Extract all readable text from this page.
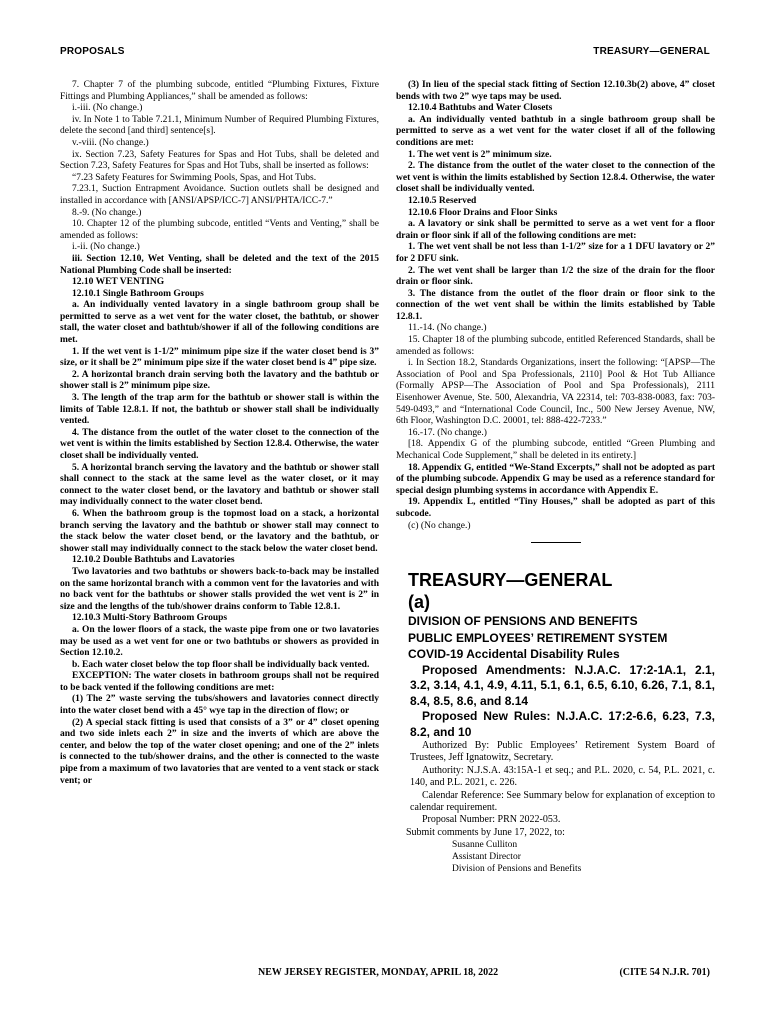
PROPOSALS	TREASURY—GENERAL

7. Chapter 7 of the plumbing subcode, entitled “Plumbing Fixtures, Fixture Fittings and Plumbing Appliances,” shall be amended as follows:

i.-iii. (No change.)

iv. In Note 1 to Table 7.21.1, Minimum Number of Required Plumbing Fixtures, delete the second [and third] sentence[s].

v.-viii. (No change.)

ix. Section 7.23, Safety Features for Spas and Hot Tubs, shall be deleted and Section 7.23, Safety Features for Spas and Hot Tubs, shall be inserted as follows:

“7.23 Safety Features for Swimming Pools, Spas, and Hot Tubs.

7.23.1, Suction Entrapment Avoidance. Suction outlets shall be designed and installed in accordance with [ANSI/APSP/ICC-7] ANSI/PHTA/ICC-7.”

8.-9. (No change.)

10. Chapter 12 of the plumbing subcode, entitled “Vents and Venting,” shall be amended as follows:

i.-ii. (No change.)

iii. Section 12.10, Wet Venting, shall be deleted and the text of the 2015 National Plumbing Code shall be inserted:

12.10 WET VENTING

12.10.1 Single Bathroom Groups

a. An individually vented lavatory in a single bathroom group shall be permitted to serve as a wet vent for the water closet, the bathtub, or shower stall, the water closet and bathtub/shower if all of the following conditions are met.

1. If the wet vent is 1-1/2” minimum pipe size if the water closet bend is 3” size, or it shall be 2” minimum pipe size if the water closet bend is 4” pipe size.

2. A horizontal branch drain serving both the lavatory and the bathtub or shower stall is 2” minimum pipe size.

3. The length of the trap arm for the bathtub or shower stall is within the limits of Table 12.8.1. If not, the bathtub or shower stall shall be individually vented.

4. The distance from the outlet of the water closet to the connection of the wet vent is within the limits established by Section 12.8.4. Otherwise, the water closet shall be individually vented.

5. A horizontal branch serving the lavatory and the bathtub or shower stall shall connect to the stack at the same level as the water closet, or it may connect to the water closet bend, or the lavatory and bathtub or shower stall may individually connect to the water closet bend.

6. When the bathroom group is the topmost load on a stack, a horizontal branch serving the lavatory and the bathtub or shower stall may connect to the stack below the water closet bend, or the lavatory and the bathtub, or shower stall may individually connect to the stack below the water closet bend.

12.10.2 Double Bathtubs and Lavatories

Two lavatories and two bathtubs or showers back-to-back may be installed on the same horizontal branch with a common vent for the lavatories and with no back vent for the bathtubs or shower stalls provided the wet vent is 2” in size and the lengths of the tub/shower drains conform to Table 12.8.1.

12.10.3 Multi-Story Bathroom Groups

a. On the lower floors of a stack, the waste pipe from one or two lavatories may be used as a wet vent for one or two bathtubs or showers as provided in Section 12.10.2.

b. Each water closet below the top floor shall be individually back vented.

EXCEPTION: The water closets in bathroom groups shall not be required to be back vented if the following conditions are met:

(1) The 2” waste serving the tubs/showers and lavatories connect directly into the water closet bend with a 45° wye tap in the direction of flow; or

(2) A special stack fitting is used that consists of a 3” or 4” closet opening and two side inlets each 2” in size and the inverts of which are above the center, and below the top of the water closet opening; and one of the 2” inlets is connected to the tub/shower drains, and the other is connected to the waste pipe from a maximum of two lavatories that are vented to a vent stack or stack vent; or

(3) In lieu of the special stack fitting of Section 12.10.3b(2) above, 4” closet bends with two 2” wye taps may be used.

12.10.4 Bathtubs and Water Closets

a. An individually vented bathtub in a single bathroom group shall be permitted to serve as a wet vent for the water closet if all of the following conditions are met:

1. The wet vent is 2” minimum size.

2. The distance from the outlet of the water closet to the connection of the wet vent is within the limits established by Section 12.8.4. Otherwise, the water closet shall be individually vented.

12.10.5 Reserved

12.10.6 Floor Drains and Floor Sinks

a. A lavatory or sink shall be permitted to serve as a wet vent for a floor drain or floor sink if all of the following conditions are met:

1. The wet vent shall be not less than 1-1/2” size for a 1 DFU lavatory or 2” for 2 DFU sink.

2. The wet vent shall be larger than 1/2 the size of the drain for the floor drain or floor sink.

3. The distance from the outlet of the floor drain or floor sink to the connection of the wet vent shall be within the limits established by Table 12.8.1.

11.-14. (No change.)

15. Chapter 18 of the plumbing subcode, entitled Referenced Standards, shall be amended as follows:

i. In Section 18.2, Standards Organizations, insert the following: “[APSP—The Association of Pool and Spa Professionals, 2110] Pool & Hot Tub Alliance (Formally APSP—The Association of Pool and Spa Professionals), 2111 Eisenhower Avenue, Ste. 500, Alexandria, VA 22314, tel: 703-838-0083, fax: 703-549-0493,” and “International Code Council, Inc., 500 New Jersey Avenue, NW, 6th Floor, Washington D.C. 20001, tel: 888-422-7233.”

16.-17. (No change.)

[18. Appendix G of the plumbing subcode, entitled “Green Plumbing and Mechanical Code Supplement,” shall be deleted in its entirety.]

18. Appendix G, entitled “We-Stand Excerpts,” shall not be adopted as part of the plumbing subcode. Appendix G may be used as a reference standard for special design plumbing systems in accordance with Appendix E.

19. Appendix L, entitled “Tiny Houses,” shall be adopted as part of this subcode.

(c) (No change.)

TREASURY—GENERAL

(a)

DIVISION OF PENSIONS AND BENEFITS

PUBLIC EMPLOYEES’ RETIREMENT SYSTEM

COVID-19 Accidental Disability Rules

Proposed Amendments: N.J.A.C. 17:2-1A.1, 2.1, 3.2, 3.14, 4.1, 4.9, 4.11, 5.1, 6.1, 6.5, 6.10, 6.26, 7.1, 8.1, 8.4, 8.5, 8.6, and 8.14

Proposed New Rules: N.J.A.C. 17:2-6.6, 6.23, 7.3, 8.2, and 10

Authorized By: Public Employees’ Retirement System Board of Trustees, Jeff Ignatowitz, Secretary.

Authority: N.J.S.A. 43:15A-1 et seq.; and P.L. 2020, c. 54, P.L. 2021, c. 140, and P.L. 2021, c. 226.

Calendar Reference: See Summary below for explanation of exception to calendar requirement.

Proposal Number: PRN 2022-053.

Submit comments by June 17, 2022, to:

Susanne Culliton

Assistant Director

Division of Pensions and Benefits

NEW JERSEY REGISTER, MONDAY, APRIL 18, 2022	(CITE 54 N.J.R. 701)
